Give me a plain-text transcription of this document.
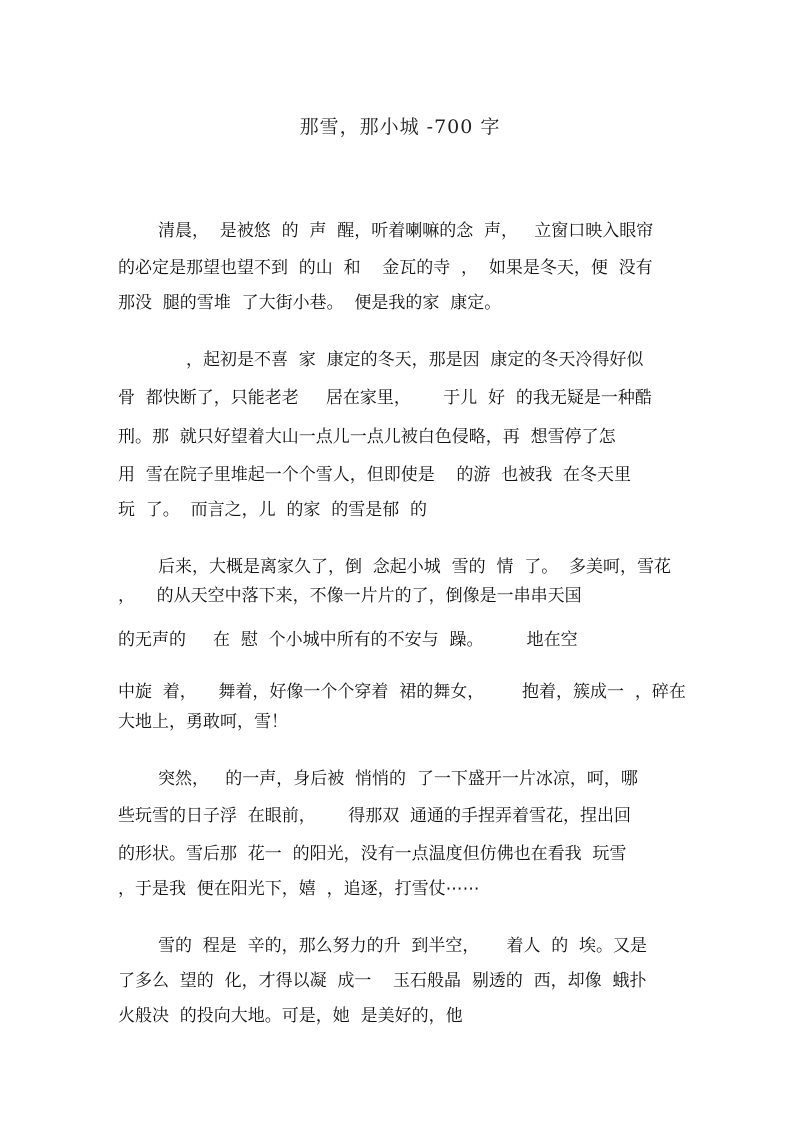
那雪，那小城 -700 字
清晨，  是被悠  的  声  醒，听着喇嘛的念  声，   立窗口映入眼帘
的必定是那望也望不到  的山  和    金瓦的寺  ，  如果是冬天，便  没有
那没  腿的雪堆  了大街小巷。  便是我的家  康定。
，起初是不喜  家  康定的冬天，那是因  康定的冬天冷得好似
骨  都快断了，只能老老     居在家里，      于儿  好  的我无疑是一种酷
刑。那  就只好望着大山一点儿一点儿被白色侵略，再  想雪停了怎
用  雪在院子里堆起一个个雪人，但即使是    的游  也被我  在冬天里
玩  了。  而言之，儿  的家  的雪是郁  的
后来，大概是离家久了，倒  念起小城  雪的  情  了。  多美呵，雪花
，    的从天空中落下来，不像一片片的了，倒像是一串串天国
的无声的     在  慰  个小城中所有的不安与  躁。        地在空
中旋  着，    舞着，好像一个个穿着  裙的舞女，       抱着，簇成一  ，碎在
大地上，勇敢呵，雪！
突然，   的一声，身后被  悄悄的  了一下盛开一片冰凉，呵，哪
些玩雪的日子浮  在眼前，      得那双  通通的手捏弄着雪花，捏出回
的形状。雪后那  花一  的阳光，没有一点温度但仿佛也在看我  玩雪
，于是我  便在阳光下，嬉  ，追逐，打雪仗⋯⋯
雪的  程是  辛的，那么努力的升  到半空，     着人  的  埃。又是
了多么  望的  化，才得以凝  成一    玉石般晶  剔透的  西，却像  蛾扑
火般决  的投向大地。可是，她  是美好的，他
